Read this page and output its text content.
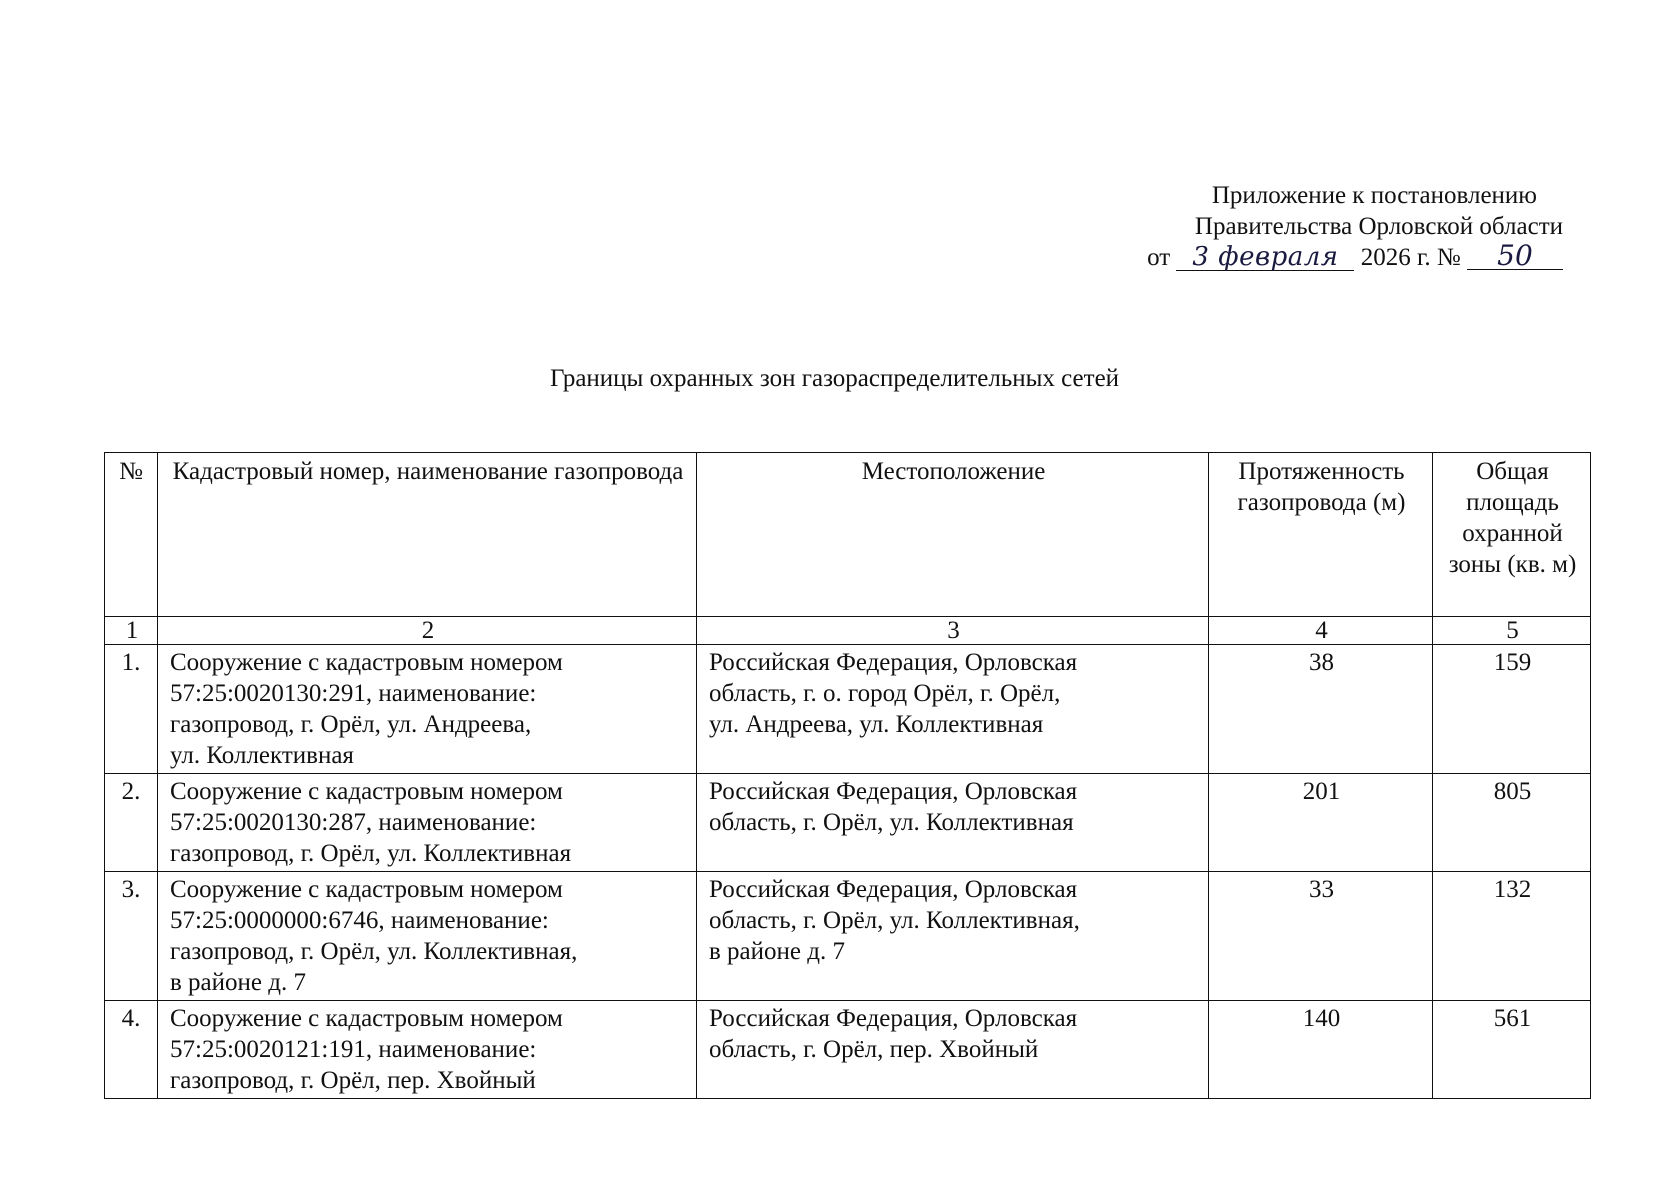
Приложение к постановлению
Правительства Орловской области
от 3 февраля 2026 г. № 50
Границы охранных зон газораспределительных сетей
№	Кадастровый номер, наименование газопровода	Местоположение	Протяженность газопровода (м)	Общая площадь охранной зоны (кв. м)
1	2	3	4	5
1.	Сооружение с кадастровым номером
57:25:0020130:291, наименование:
газопровод, г. Орёл, ул. Андреева,
ул. Коллективная	Российская Федерация, Орловская
область, г. о. город Орёл, г. Орёл,
ул. Андреева, ул. Коллективная	38	159
2.	Сооружение с кадастровым номером
57:25:0020130:287, наименование:
газопровод, г. Орёл, ул. Коллективная	Российская Федерация, Орловская
область, г. Орёл, ул. Коллективная	201	805
3.	Сооружение с кадастровым номером
57:25:0000000:6746, наименование:
газопровод, г. Орёл, ул. Коллективная,
в районе д. 7	Российская Федерация, Орловская
область, г. Орёл, ул. Коллективная,
в районе д. 7	33	132
4.	Сооружение с кадастровым номером
57:25:0020121:191, наименование:
газопровод, г. Орёл, пер. Хвойный	Российская Федерация, Орловская
область, г. Орёл, пер. Хвойный	140	561
